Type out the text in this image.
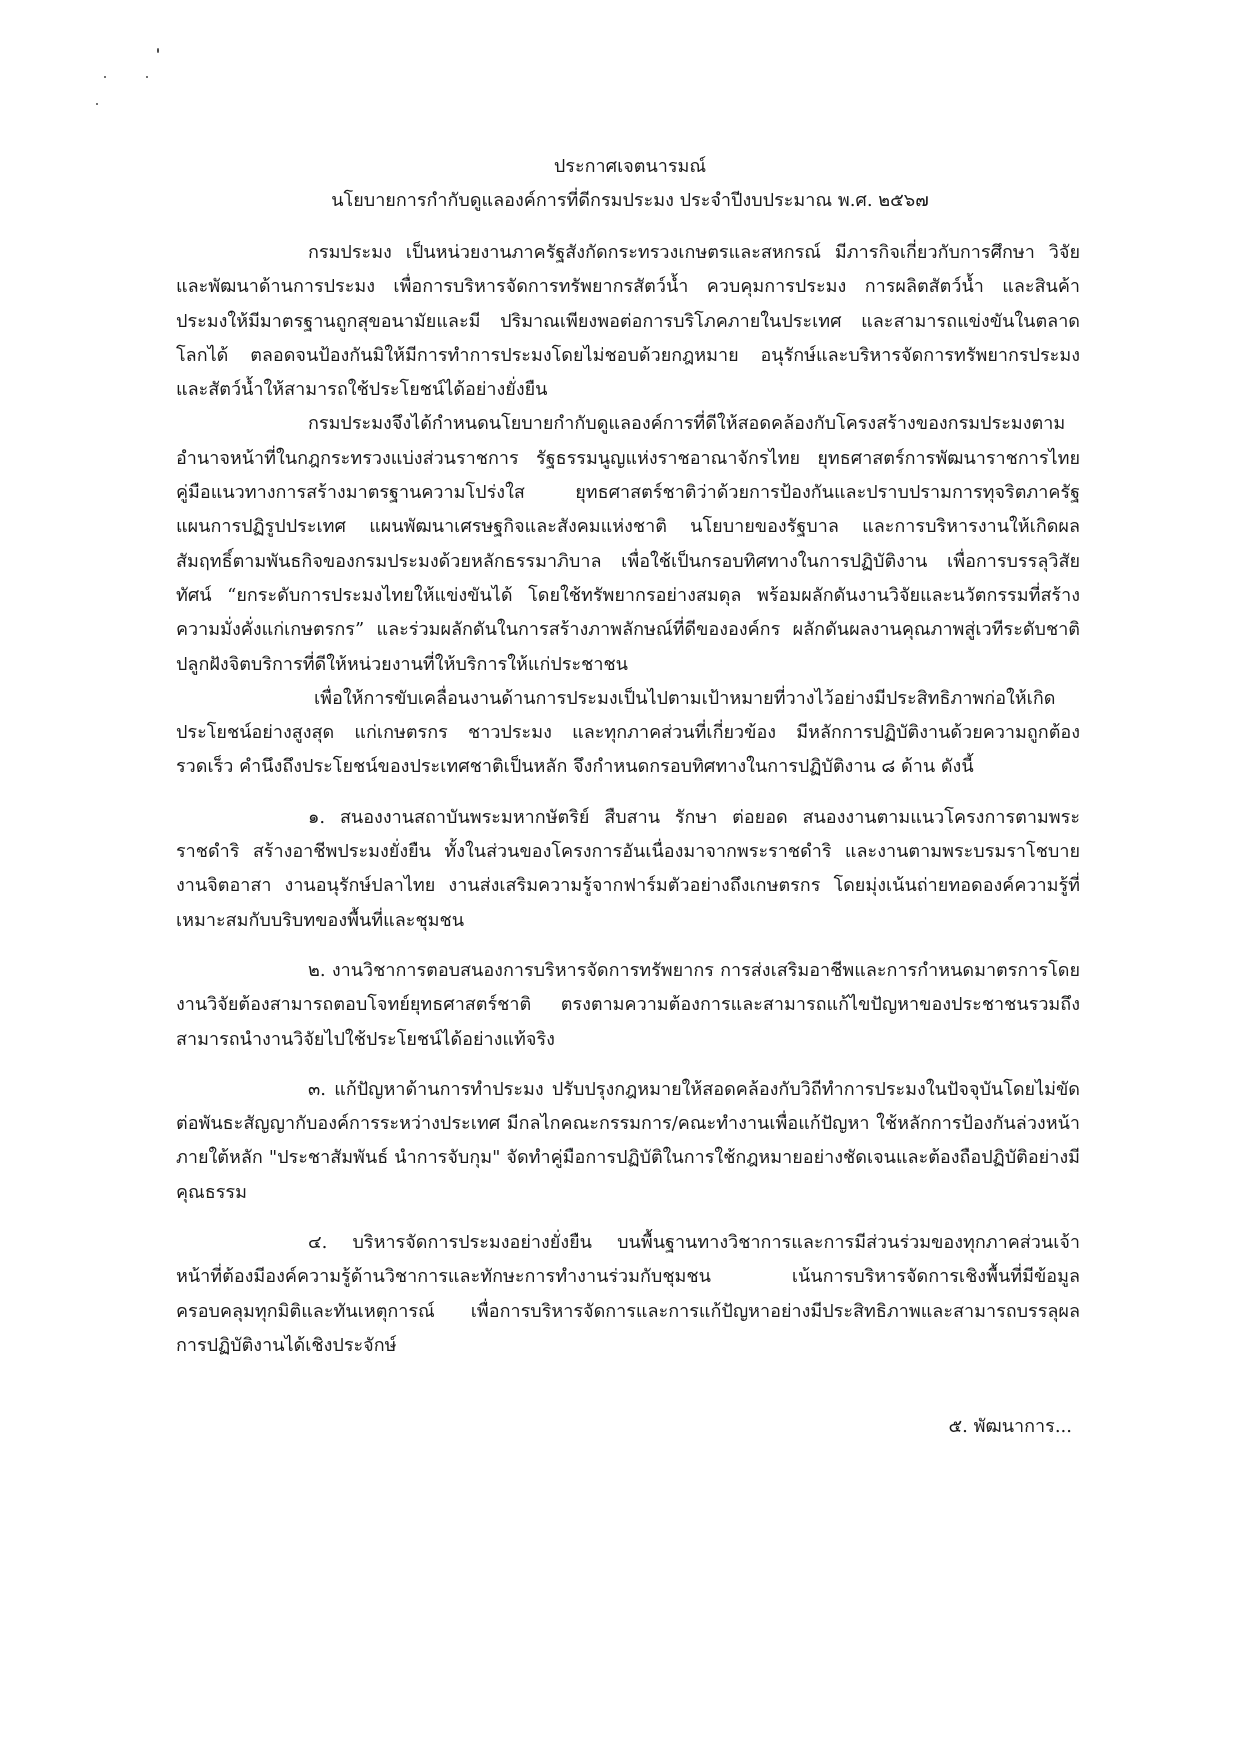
ประกาศเจตนารมณ์
นโยบายการกำกับดูแลองค์การที่ดีกรมประมง ประจำปีงบประมาณ พ.ศ. ๒๕๖๗

กรมประมง เป็นหน่วยงานภาครัฐสังกัดกระทรวงเกษตรและสหกรณ์ มีภารกิจเกี่ยวกับการศึกษา วิจัย และพัฒนาด้านการประมง เพื่อการบริหารจัดการทรัพยากรสัตว์น้ำ ควบคุมการประมง การผลิตสัตว์น้ำ และสินค้าประมงให้มีมาตรฐานถูกสุขอนามัยและมี ปริมาณเพียงพอต่อการบริโภคภายในประเทศ และสามารถแข่งขันในตลาดโลกได้ ตลอดจนป้องกันมิให้มีการทำการประมงโดยไม่ชอบด้วยกฎหมาย อนุรักษ์และบริหารจัดการทรัพยากรประมงและสัตว์น้ำให้สามารถใช้ประโยชน์ได้อย่างยั่งยืน

กรมประมงจึงได้กำหนดนโยบายกำกับดูแลองค์การที่ดีให้สอดคล้องกับโครงสร้างของกรมประมงตามอำนาจหน้าที่ในกฎกระทรวงแบ่งส่วนราชการ รัฐธรรมนูญแห่งราชอาณาจักรไทย ยุทธศาสตร์การพัฒนาราชการไทย คู่มือแนวทางการสร้างมาตรฐานความโปร่งใส ยุทธศาสตร์ชาติว่าด้วยการป้องกันและปราบปรามการทุจริตภาครัฐ แผนการปฏิรูปประเทศ แผนพัฒนาเศรษฐกิจและสังคมแห่งชาติ นโยบายของรัฐบาล และการบริหารงานให้เกิดผลสัมฤทธิ์ตามพันธกิจของกรมประมงด้วยหลักธรรมาภิบาล เพื่อใช้เป็นกรอบทิศทางในการปฏิบัติงาน เพื่อการบรรลุวิสัยทัศน์ “ยกระดับการประมงไทยให้แข่งขันได้ โดยใช้ทรัพยากรอย่างสมดุล พร้อมผลักดันงานวิจัยและนวัตกรรมที่สร้างความมั่งคั่งแก่เกษตรกร” และร่วมผลักดันในการสร้างภาพลักษณ์ที่ดีขององค์กร ผลักดันผลงานคุณภาพสู่เวทีระดับชาติ ปลูกฝังจิตบริการที่ดีให้หน่วยงานที่ให้บริการให้แก่ประชาชน

เพื่อให้การขับเคลื่อนงานด้านการประมงเป็นไปตามเป้าหมายที่วางไว้อย่างมีประสิทธิภาพก่อให้เกิดประโยชน์อย่างสูงสุด แก่เกษตรกร ชาวประมง และทุกภาคส่วนที่เกี่ยวข้อง มีหลักการปฏิบัติงานด้วยความถูกต้อง รวดเร็ว คำนึงถึงประโยชน์ของประเทศชาติเป็นหลัก จึงกำหนดกรอบทิศทางในการปฏิบัติงาน ๘ ด้าน ดังนี้

๑. สนองงานสถาบันพระมหากษัตริย์ สืบสาน รักษา ต่อยอด สนองงานตามแนวโครงการตามพระราชดำริ สร้างอาชีพประมงยั่งยืน ทั้งในส่วนของโครงการอันเนื่องมาจากพระราชดำริ และงานตามพระบรมราโชบาย งานจิตอาสา งานอนุรักษ์ปลาไทย งานส่งเสริมความรู้จากฟาร์มตัวอย่างถึงเกษตรกร โดยมุ่งเน้นถ่ายทอดองค์ความรู้ที่เหมาะสมกับบริบทของพื้นที่และชุมชน

๒. งานวิชาการตอบสนองการบริหารจัดการทรัพยากร การส่งเสริมอาชีพและการกำหนดมาตรการโดยงานวิจัยต้องสามารถตอบโจทย์ยุทธศาสตร์ชาติ ตรงตามความต้องการและสามารถแก้ไขปัญหาของประชาชนรวมถึงสามารถนำงานวิจัยไปใช้ประโยชน์ได้อย่างแท้จริง

๓. แก้ปัญหาด้านการทำประมง ปรับปรุงกฎหมายให้สอดคล้องกับวิถีทำการประมงในปัจจุบันโดยไม่ขัดต่อพันธะสัญญากับองค์การระหว่างประเทศ มีกลไกคณะกรรมการ/คณะทำงานเพื่อแก้ปัญหา ใช้หลักการป้องกันล่วงหน้า ภายใต้หลัก "ประชาสัมพันธ์ นำการจับกุม" จัดทำคู่มือการปฏิบัติในการใช้กฎหมายอย่างชัดเจนและต้องถือปฏิบัติอย่างมีคุณธรรม

๔. บริหารจัดการประมงอย่างยั่งยืน บนพื้นฐานทางวิชาการและการมีส่วนร่วมของทุกภาคส่วนเจ้าหน้าที่ต้องมีองค์ความรู้ด้านวิชาการและทักษะการทำงานร่วมกับชุมชน เน้นการบริหารจัดการเชิงพื้นที่มีข้อมูลครอบคลุมทุกมิติและทันเหตุการณ์ เพื่อการบริหารจัดการและการแก้ปัญหาอย่างมีประสิทธิภาพและสามารถบรรลุผลการปฏิบัติงานได้เชิงประจักษ์

๕. พัฒนาการ...
